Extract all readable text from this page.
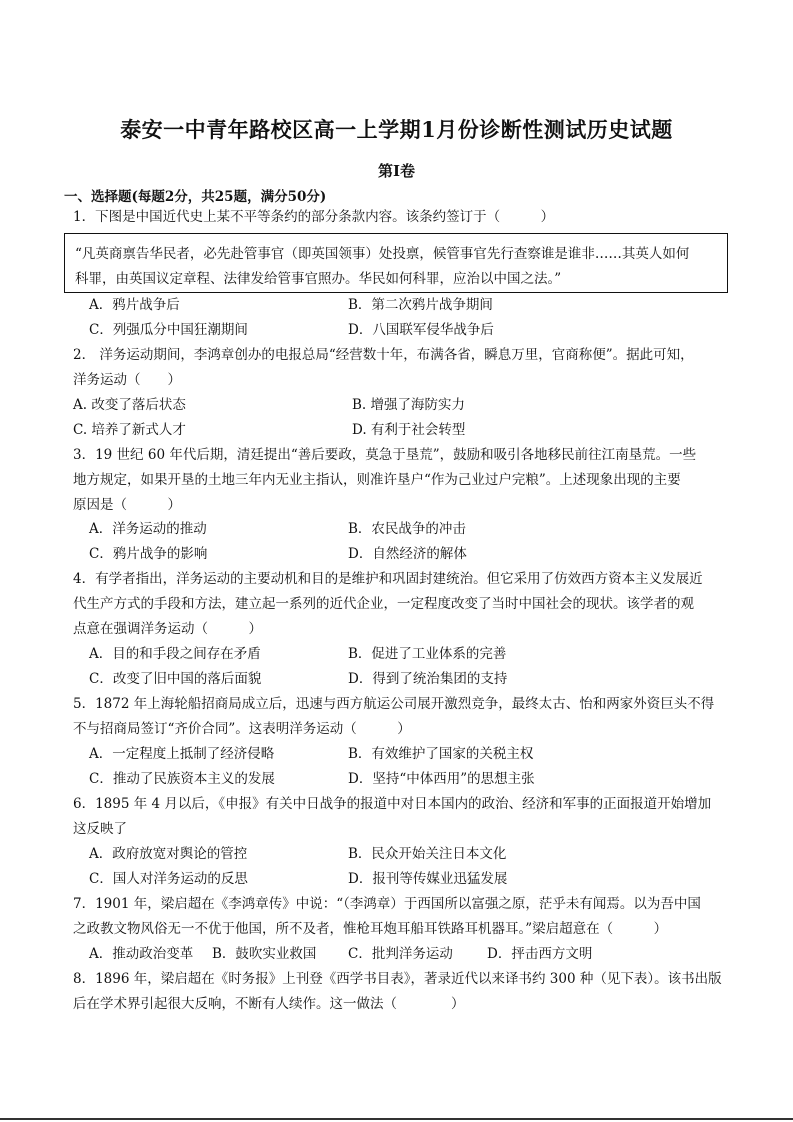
泰安一中青年路校区高一上学期1月份诊断性测试历史试题
第Ⅰ卷
一、选择题(每题2分，共25题，满分50分)
1．下图是中国近代史上某不平等条约的部分条款内容。该条约签订于（　　　）
“凡英商禀告华民者，必先赴管事官（即英国领事）处投禀，候管事官先行查察谁是谁非……其英人如何
科罪，由英国议定章程、法律发给管事官照办。华民如何科罪，应治以中国之法。”
A．鸦片战争后	B．第二次鸦片战争期间
C．列强瓜分中国狂潮期间	D．八国联军侵华战争后
2． 洋务运动期间，李鸿章创办的电报总局“经营数十年，布满各省，瞬息万里，官商称便”。据此可知，
洋务运动（　　）
A. 改变了落后状态	B. 增强了海防实力
C. 培养了新式人才	D. 有利于社会转型
3．19 世纪 60 年代后期，清廷提出“善后要政，莫急于垦荒”，鼓励和吸引各地移民前往江南垦荒。一些
地方规定，如果开垦的土地三年内无业主指认，则准许垦户“作为己业过户完粮”。上述现象出现的主要
原因是（　　　）
A．洋务运动的推动	B．农民战争的冲击
C．鸦片战争的影响	D．自然经济的解体
4．有学者指出，洋务运动的主要动机和目的是维护和巩固封建统治。但它采用了仿效西方资本主义发展近
代生产方式的手段和方法，建立起一系列的近代企业，一定程度改变了当时中国社会的现状。该学者的观
点意在强调洋务运动（　　　）
A．目的和手段之间存在矛盾	B．促进了工业体系的完善
C．改变了旧中国的落后面貌	D．得到了统治集团的支持
5．1872 年上海轮船招商局成立后，迅速与西方航运公司展开激烈竞争，最终太古、怡和两家外资巨头不得
不与招商局签订“齐价合同”。这表明洋务运动（　　　）
A．一定程度上抵制了经济侵略	B．有效维护了国家的关税主权
C．推动了民族资本主义的发展	D．坚持“中体西用”的思想主张
6．1895 年 4 月以后，《申报》有关中日战争的报道中对日本国内的政治、经济和军事的正面报道开始增加
这反映了
A．政府放宽对舆论的管控	B．民众开始关注日本文化
C．国人对洋务运动的反思	D．报刊等传媒业迅猛发展
7．1901 年，梁启超在《李鸿章传》中说：“（李鸿章）于西国所以富强之原，茫乎未有闻焉。以为吾中国
之政教文物风俗无一不优于他国，所不及者，惟枪耳炮耳船耳铁路耳机器耳。”梁启超意在（　　　）
A．推动政治变革 B．鼓吹实业救国 C．批判洋务运动	D．抨击西方文明
8．1896 年，梁启超在《时务报》上刊登《西学书目表》，著录近代以来译书约 300 种（见下表）。该书出版
后在学术界引起很大反响，不断有人续作。这一做法（　　　　）
